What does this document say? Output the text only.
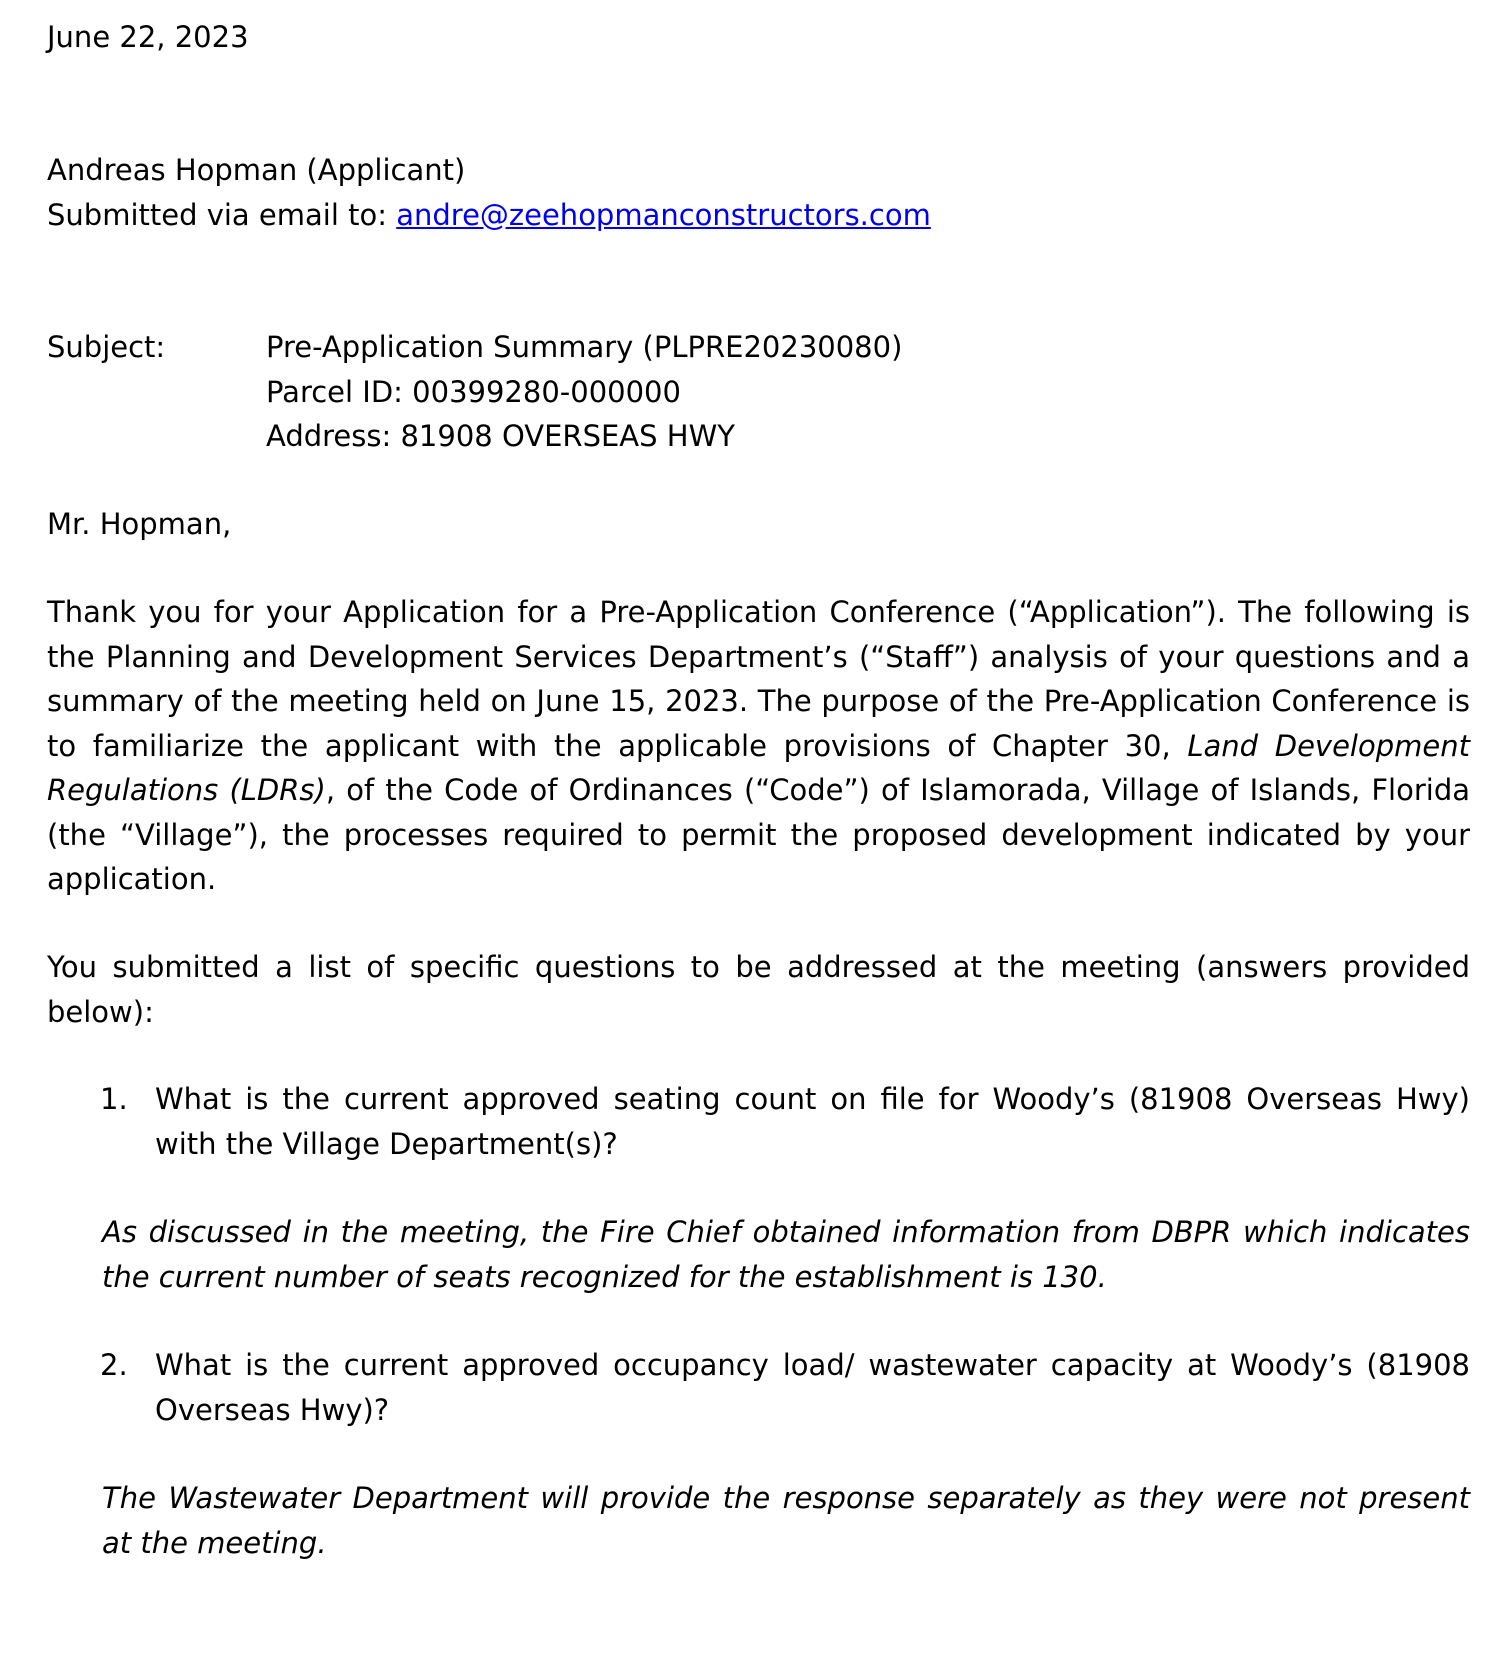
June 22, 2023
Andreas Hopman (Applicant)
Submitted via email to: andre@zeehopmanconstructors.com
Subject:	Pre-Application Summary (PLPRE20230080)
Parcel ID: 00399280-000000
Address: 81908 OVERSEAS HWY
Mr. Hopman,
Thank you for your Application for a Pre-Application Conference (“Application”). The following is the Planning and Development Services Department’s (“Staff”) analysis of your questions and a summary of the meeting held on June 15, 2023. The purpose of the Pre-Application Conference is to familiarize the applicant with the applicable provisions of Chapter 30, Land Development Regulations (LDRs), of the Code of Ordinances (“Code”) of Islamorada, Village of Islands, Florida (the “Village”), the processes required to permit the proposed development indicated by your application.
You submitted a list of specific questions to be addressed at the meeting (answers provided below):
1. What is the current approved seating count on file for Woody’s (81908 Overseas Hwy) with the Village Department(s)?
As discussed in the meeting, the Fire Chief obtained information from DBPR which indicates the current number of seats recognized for the establishment is 130.
2. What is the current approved occupancy load/ wastewater capacity at Woody’s (81908 Overseas Hwy)?
The Wastewater Department will provide the response separately as they were not present at the meeting.
